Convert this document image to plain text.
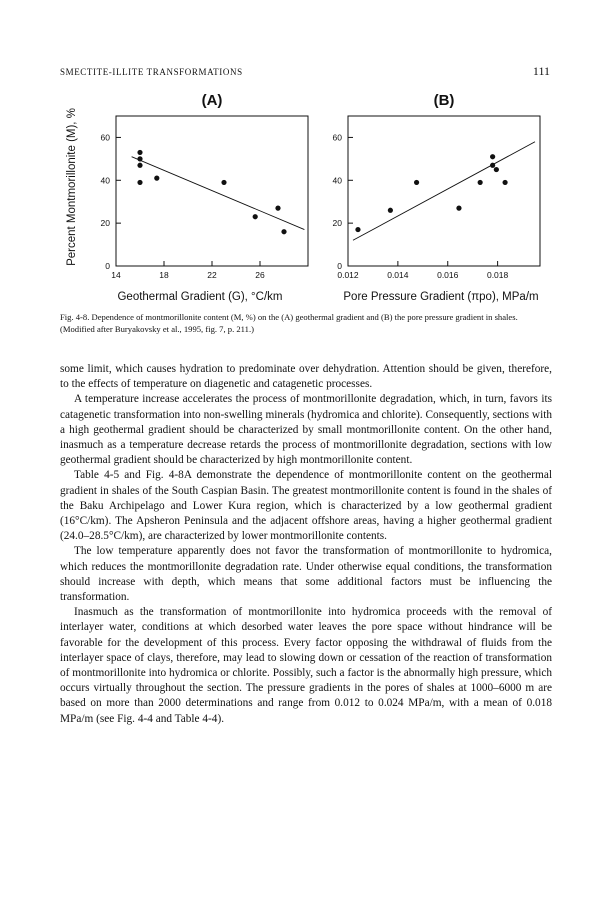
SMECTITE-ILLITE TRANSFORMATIONS	111
Percent Montmorillonite (M), %
(A)	(B)
Geothermal Gradient (G), °C/km	Pore Pressure Gradient (πpo), MPa/m
0
20
40
60
14	18	22	26
0
20
40
60
0.012	0.014	0.016	0.018

Fig. 4-8. Dependence of montmorillonite content (M, %) on the (A) geothermal gradient and (B) the pore pressure gradient in shales. (Modified after Buryakovsky et al., 1995, fig. 7, p. 211.)

some limit, which causes hydration to predominate over dehydration. Attention should be given, therefore, to the effects of temperature on diagenetic and catagenetic processes.

A temperature increase accelerates the process of montmorillonite degradation, which, in turn, favors its catagenetic transformation into non-swelling minerals (hydromica and chlorite). Consequently, sections with a high geothermal gradient should be characterized by small montmorillonite content. On the other hand, inasmuch as a temperature decrease retards the process of montmorillonite degradation, sections with low geothermal gradient should be characterized by high montmorillonite content.

Table 4-5 and Fig. 4-8A demonstrate the dependence of montmorillonite content on the geothermal gradient in shales of the South Caspian Basin. The greatest montmorillonite content is found in the shales of the Baku Archipelago and Lower Kura region, which is characterized by a low geothermal gradient (16°C/km). The Apsheron Peninsula and the adjacent offshore areas, having a higher geothermal gradient (24.0–28.5°C/km), are characterized by lower montmorillonite contents.

The low temperature apparently does not favor the transformation of montmorillonite to hydromica, which reduces the montmorillonite degradation rate. Under otherwise equal conditions, the transformation should increase with depth, which means that some additional factors must be influencing the transformation.

Inasmuch as the transformation of montmorillonite into hydromica proceeds with the removal of interlayer water, conditions at which desorbed water leaves the pore space without hindrance will be favorable for the development of this process. Every factor opposing the withdrawal of fluids from the interlayer space of clays, therefore, may lead to slowing down or cessation of the reaction of transformation of montmorillonite into hydromica or chlorite. Possibly, such a factor is the abnormally high pressure, which occurs virtually throughout the section. The pressure gradients in the pores of shales at 1000–6000 m are based on more than 2000 determinations and range from 0.012 to 0.024 MPa/m, with a mean of 0.018 MPa/m (see Fig. 4-4 and Table 4-4).
